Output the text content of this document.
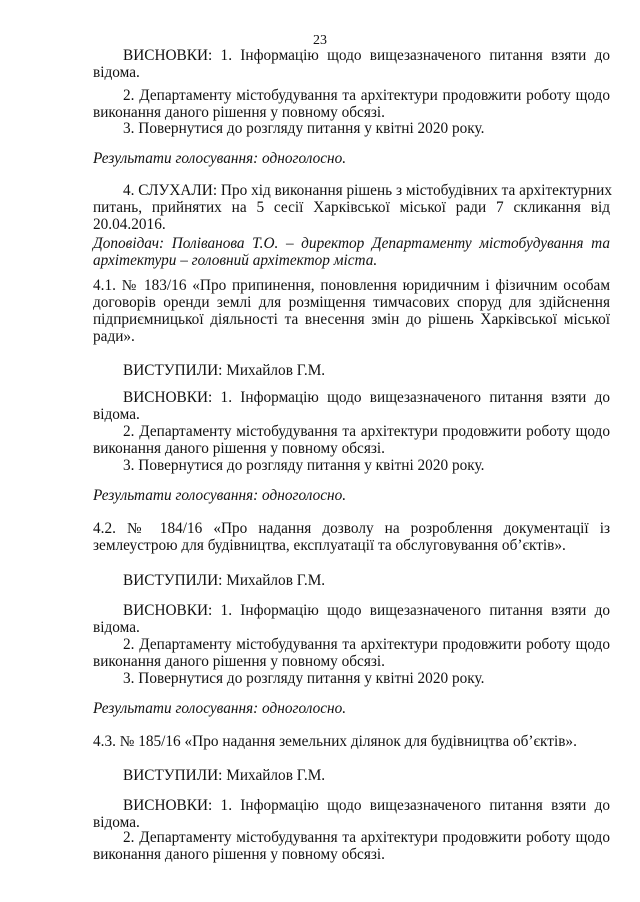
23
ВИСНОВКИ: 1. Інформацію щодо вищезазначеного питання взяти до
відома.
2. Департаменту містобудування та архітектури продовжити роботу щодо
виконання даного рішення у повному обсязі.
3. Повернутися до розгляду питання у квітні 2020 року.
Результати голосування: одноголосно.
4. СЛУХАЛИ: Про хід виконання рішень з містобудівних та архітектурних
питань, прийнятих на 5 сесії Харківської міської ради 7 скликання від
20.04.2016.
Доповідач: Поліванова Т.О. – директор Департаменту містобудування та
архітектури – головний архітектор міста.
4.1. № 183/16 «Про припинення, поновлення юридичним і фізичним особам
договорів оренди землі для розміщення тимчасових споруд для здійснення
підприємницької діяльності та внесення змін до рішень Харківської міської
ради».
ВИСТУПИЛИ: Михайлов Г.М.
ВИСНОВКИ: 1. Інформацію щодо вищезазначеного питання взяти до
відома.
2. Департаменту містобудування та архітектури продовжити роботу щодо
виконання даного рішення у повному обсязі.
3. Повернутися до розгляду питання у квітні 2020 року.
Результати голосування: одноголосно.
4.2. № 184/16 «Про надання дозволу на розроблення документації із
землеустрою для будівництва, експлуатації та обслуговування об’єктів».
ВИСТУПИЛИ: Михайлов Г.М.
ВИСНОВКИ: 1. Інформацію щодо вищезазначеного питання взяти до
відома.
2. Департаменту містобудування та архітектури продовжити роботу щодо
виконання даного рішення у повному обсязі.
3. Повернутися до розгляду питання у квітні 2020 року.
Результати голосування: одноголосно.
4.3. № 185/16 «Про надання земельних ділянок для будівництва об’єктів».
ВИСТУПИЛИ: Михайлов Г.М.
ВИСНОВКИ: 1. Інформацію щодо вищезазначеного питання взяти до
відома.
2. Департаменту містобудування та архітектури продовжити роботу щодо
виконання даного рішення у повному обсязі.
